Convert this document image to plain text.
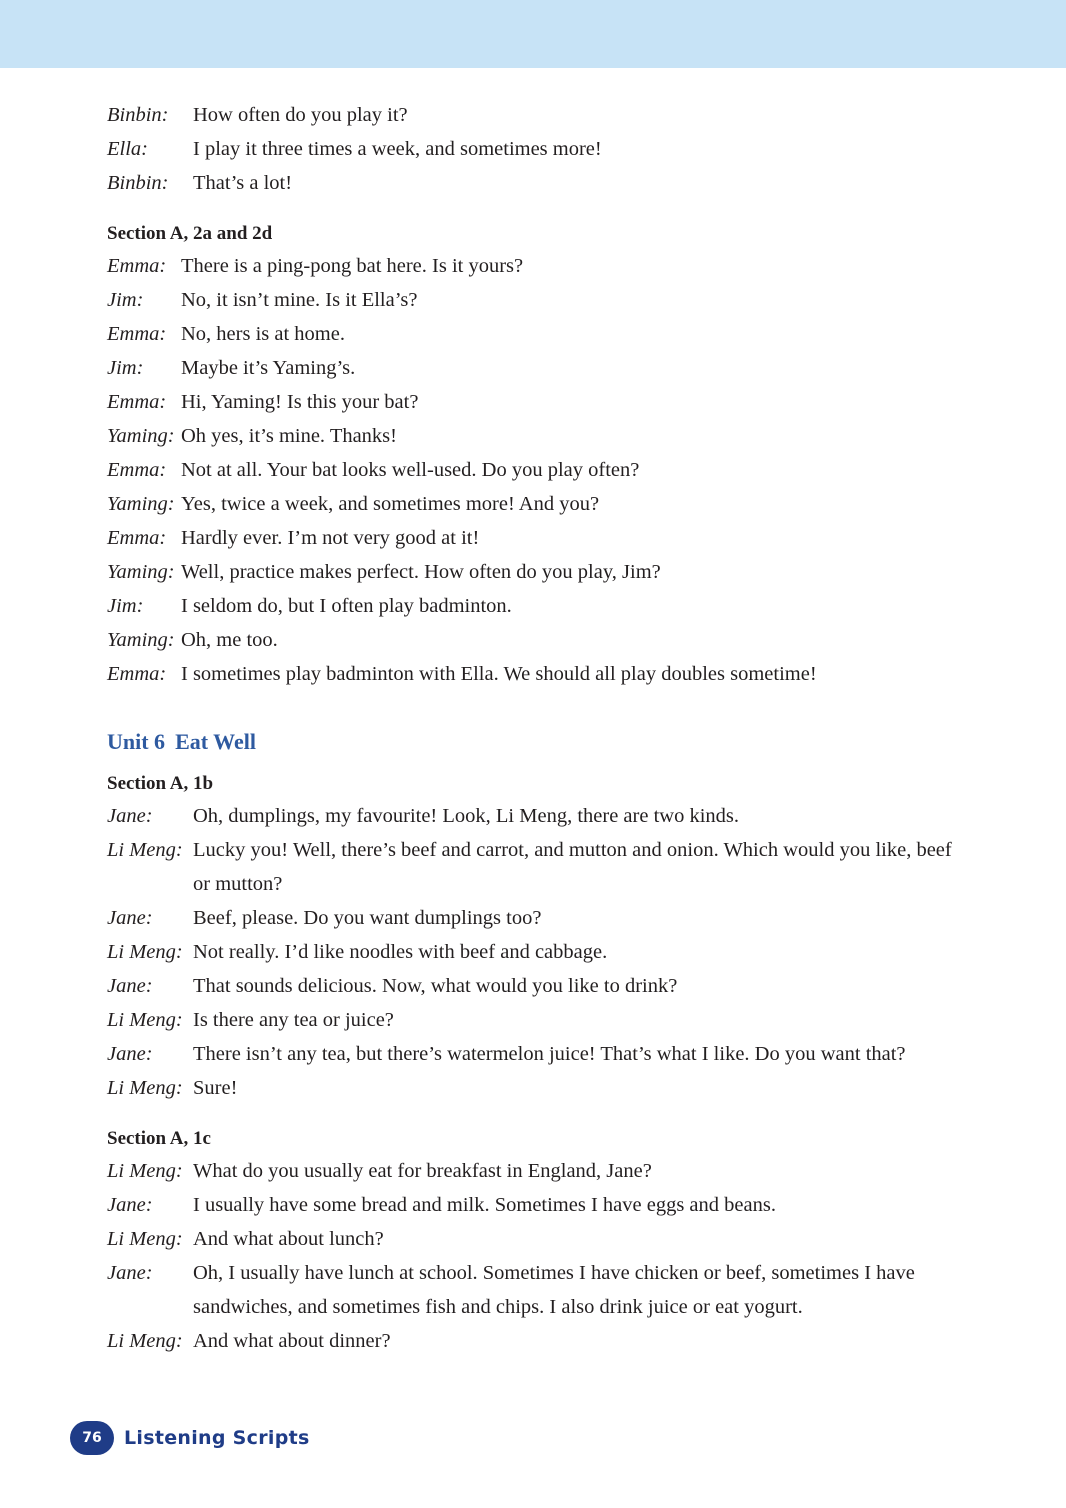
Binbin:	How often do you play it?
Ella:	I play it three times a week, and sometimes more!
Binbin:	That’s a lot!
Section A, 2a and 2d
Emma: There is a ping-pong bat here. Is it yours?
Jim:	No, it isn’t mine. Is it Ella’s?
Emma: No, hers is at home.
Jim:	Maybe it’s Yaming’s.
Emma: Hi, Yaming! Is this your bat?
Yaming: Oh yes, it’s mine. Thanks!
Emma: Not at all. Your bat looks well-used. Do you play often?
Yaming: Yes, twice a week, and sometimes more! And you?
Emma: Hardly ever. I’m not very good at it!
Yaming: Well, practice makes perfect. How often do you play, Jim?
Jim:	I seldom do, but I often play badminton.
Yaming: Oh, me too.
Emma: I sometimes play badminton with Ella. We should all play doubles sometime!
Unit 6 Eat Well
Section A, 1b
Jane:	Oh, dumplings, my favourite! Look, Li Meng, there are two kinds.
Li Meng: Lucky you! Well, there’s beef and carrot, and mutton and onion. Which would you like, beef or mutton?
Jane:	Beef, please. Do you want dumplings too?
Li Meng: Not really. I’d like noodles with beef and cabbage.
Jane:	That sounds delicious. Now, what would you like to drink?
Li Meng: Is there any tea or juice?
Jane:	There isn’t any tea, but there’s watermelon juice! That’s what I like. Do you want that?
Li Meng: Sure!
Section A, 1c
Li Meng: What do you usually eat for breakfast in England, Jane?
Jane:	I usually have some bread and milk. Sometimes I have eggs and beans.
Li Meng: And what about lunch?
Jane:	Oh, I usually have lunch at school. Sometimes I have chicken or beef, sometimes I have sandwiches, and sometimes fish and chips. I also drink juice or eat yogurt.
Li Meng: And what about dinner?
76	Listening Scripts
